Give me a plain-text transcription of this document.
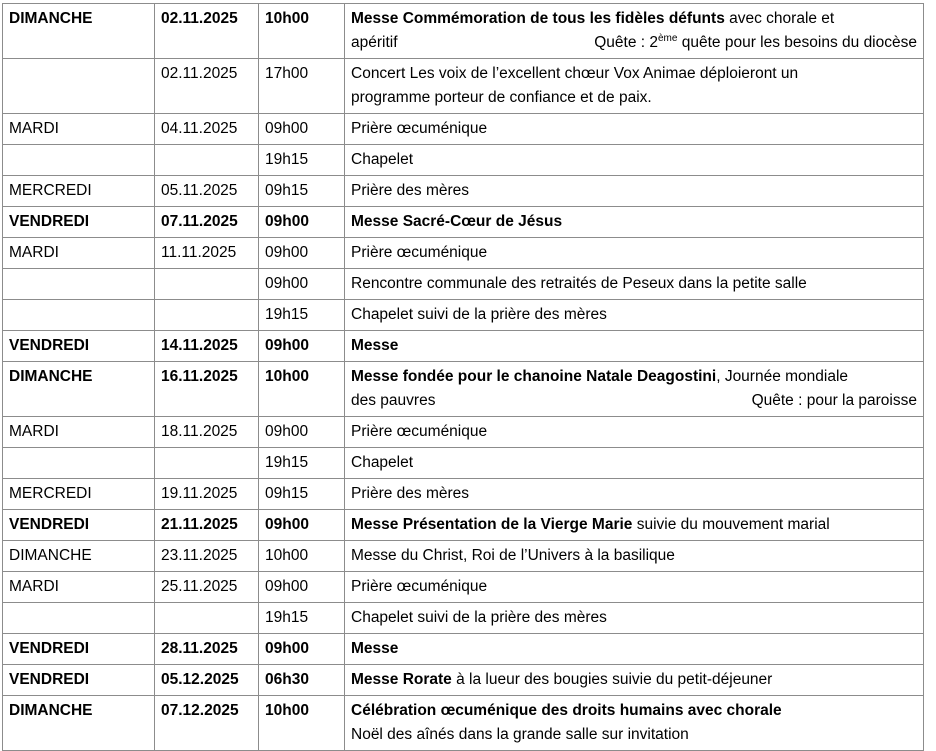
DIMANCHE	02.11.2025	10h00	Messe Commémoration de tous les fidèles défunts avec chorale et
apéritif Quête : 2ème quête pour les besoins du diocèse

	02.11.2025	17h00	Concert Les voix de l’excellent chœur Vox Animae déploieront un
programme porteur de confiance et de paix.

MARDI	04.11.2025	09h00	Prière œcuménique
		19h15	Chapelet
MERCREDI	05.11.2025	09h15	Prière des mères
VENDREDI	07.11.2025	09h00	Messe Sacré-Cœur de Jésus
MARDI	11.11.2025	09h00	Prière œcuménique
		09h00	Rencontre communale des retraités de Peseux dans la petite salle
		19h15	Chapelet suivi de la prière des mères
VENDREDI	14.11.2025	09h00	Messe
DIMANCHE	16.11.2025	10h00	Messe fondée pour le chanoine Natale Deagostini, Journée mondiale
des pauvres Quête : pour la paroisse

MARDI	18.11.2025	09h00	Prière œcuménique
		19h15	Chapelet
MERCREDI	19.11.2025	09h15	Prière des mères
VENDREDI	21.11.2025	09h00	Messe Présentation de la Vierge Marie suivie du mouvement marial
DIMANCHE	23.11.2025	10h00	Messe du Christ, Roi de l’Univers à la basilique
MARDI	25.11.2025	09h00	Prière œcuménique
		19h15	Chapelet suivi de la prière des mères
VENDREDI	28.11.2025	09h00	Messe
VENDREDI	05.12.2025	06h30	Messe Rorate à la lueur des bougies suivie du petit-déjeuner
DIMANCHE	07.12.2025	10h00	Célébration œcuménique des droits humains avec chorale
Noël des aînés dans la grande salle sur invitation
